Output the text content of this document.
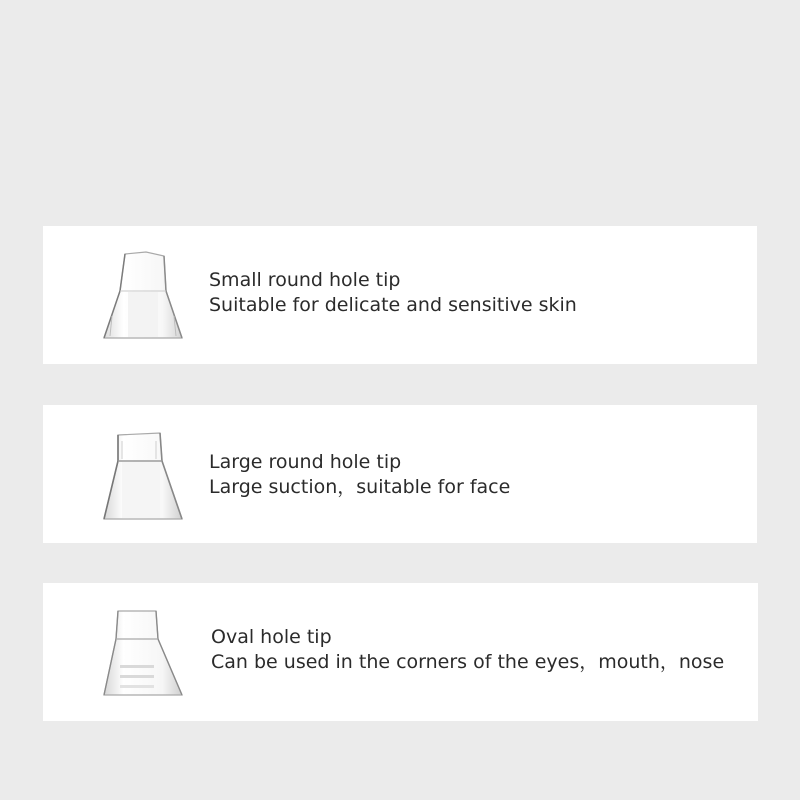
Small round hole tip
Suitable for delicate and sensitive skin
Large round hole tip
Large suction，suitable for face
Oval hole tip
Can be used in the corners of the eyes，mouth，nose
